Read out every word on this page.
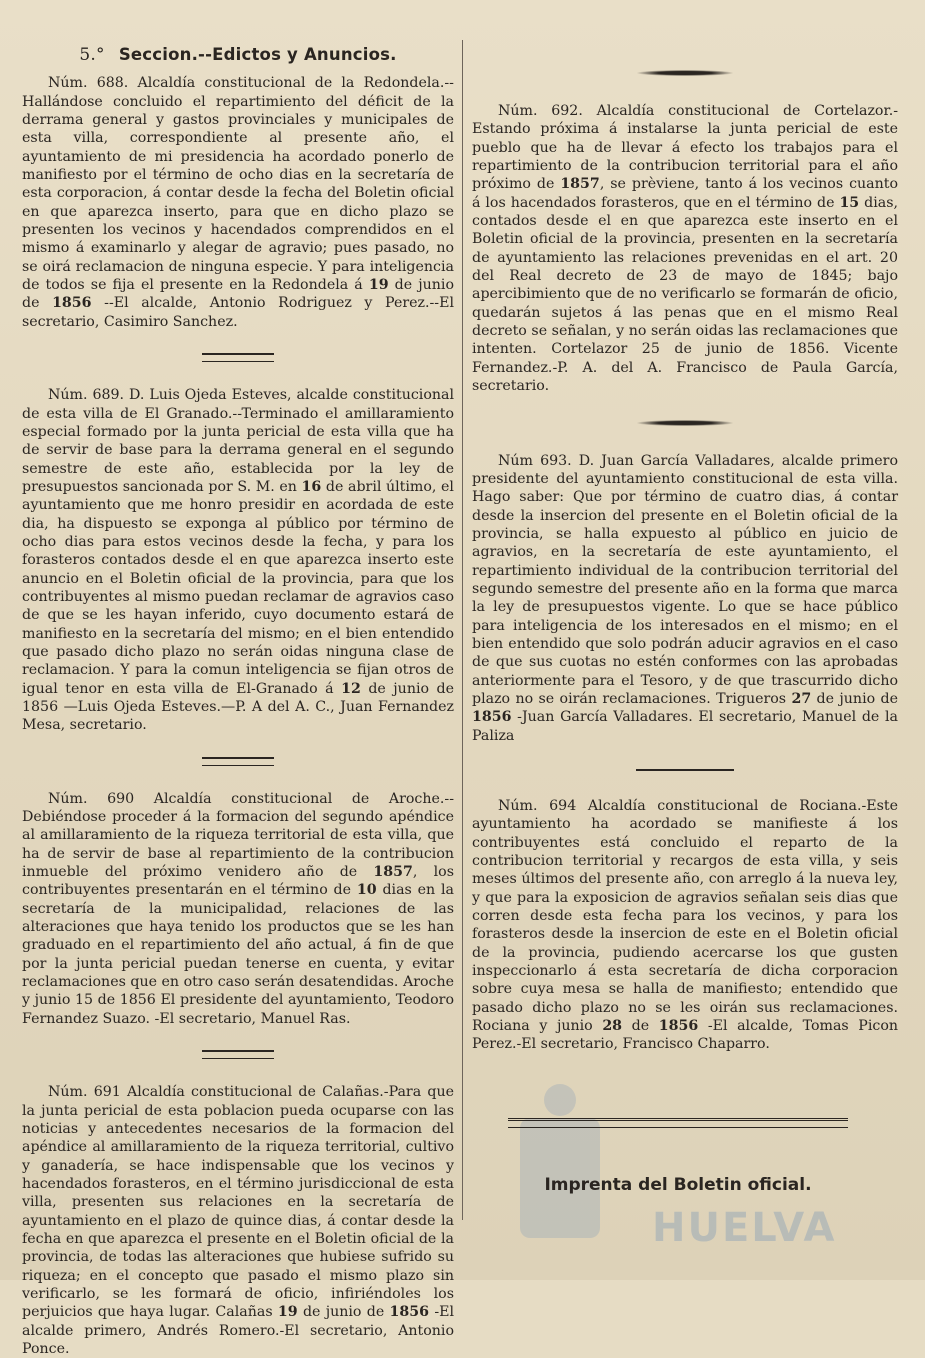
5.° Seccion.--Edictos y Anuncios.

Núm. 688. Alcaldía constitucional de la Redondela.--Hallándose concluido el repartimiento del déficit de la derrama general y gastos provinciales y municipales de esta villa, correspondiente al presente año, el ayuntamiento de mi presidencia ha acordado ponerlo de manifiesto por el término de ocho dias en la secretaría de esta corporacion, á contar desde la fecha del Boletin oficial en que aparezca inserto, para que en dicho plazo se presenten los vecinos y hacendados comprendidos en el mismo á examinarlo y alegar de agravio; pues pasado, no se oirá reclamacion de ninguna especie. Y para inteligencia de todos se fija el presente en la Redondela á 19 de junio de 1856 --El alcalde, Antonio Rodriguez y Perez.--El secretario, Casimiro Sanchez.

Núm. 689. D. Luis Ojeda Esteves, alcalde constitucional de esta villa de El Granado.--Terminado el amillaramiento especial formado por la junta pericial de esta villa que ha de servir de base para la derrama general en el segundo semestre de este año, establecida por la ley de presupuestos sancionada por S. M. en 16 de abril último, el ayuntamiento que me honro presidir en acordada de este dia, ha dispuesto se exponga al público por término de ocho dias para estos vecinos desde la fecha, y para los forasteros contados desde el en que aparezca inserto este anuncio en el Boletin oficial de la provincia, para que los contribuyentes al mismo puedan reclamar de agravios caso de que se les hayan inferido, cuyo documento estará de manifiesto en la secretaría del mismo; en el bien entendido que pasado dicho plazo no serán oidas ninguna clase de reclamacion. Y para la comun inteligencia se fijan otros de igual tenor en esta villa de El-Granado á 12 de junio de 1856 —Luis Ojeda Esteves.—P. A del A. C., Juan Fernandez Mesa, secretario.

Núm. 690 Alcaldía constitucional de Aroche.--Debiéndose proceder á la formacion del segundo apéndice al amillaramiento de la riqueza territorial de esta villa, que ha de servir de base al repartimiento de la contribucion inmueble del próximo venidero año de 1857, los contribuyentes presentarán en el término de 10 dias en la secretaría de la municipalidad, relaciones de las alteraciones que haya tenido los productos que se les han graduado en el repartimiento del año actual, á fin de que por la junta pericial puedan tenerse en cuenta, y evitar reclamaciones que en otro caso serán desatendidas. Aroche y junio 15 de 1856 El presidente del ayuntamiento, Teodoro Fernandez Suazo. -El secretario, Manuel Ras.

Núm. 691 Alcaldía constitucional de Calañas.-Para que la junta pericial de esta poblacion pueda ocuparse con las noticias y antecedentes necesarios de la formacion del apéndice al amillaramiento de la riqueza territorial, cultivo y ganadería, se hace indispensable que los vecinos y hacendados forasteros, en el término jurisdiccional de esta villa, presenten sus relaciones en la secretaría de ayuntamiento en el plazo de quince dias, á contar desde la fecha en que aparezca el presente en el Boletin oficial de la provincia, de todas las alteraciones que hubiese sufrido su riqueza; en el concepto que pasado el mismo plazo sin verificarlo, se les formará de oficio, infiriéndoles los perjuicios que haya lugar. Calañas 19 de junio de 1856 -El alcalde primero, Andrés Romero.-El secretario, Antonio Ponce.

Núm. 692. Alcaldía constitucional de Cortelazor.-Estando próxima á instalarse la junta pericial de este pueblo que ha de llevar á efecto los trabajos para el repartimiento de la contribucion territorial para el año próximo de 1857, se prèviene, tanto á los vecinos cuanto á los hacendados forasteros, que en el término de 15 dias, contados desde el en que aparezca este inserto en el Boletin oficial de la provincia, presenten en la secretaría de ayuntamiento las relaciones prevenidas en el art. 20 del Real decreto de 23 de mayo de 1845; bajo apercibimiento que de no verificarlo se formarán de oficio, quedarán sujetos á las penas que en el mismo Real decreto se señalan, y no serán oidas las reclamaciones que intenten. Cortelazor 25 de junio de 1856. Vicente Fernandez.-P. A. del A. Francisco de Paula García, secretario.

Núm 693. D. Juan García Valladares, alcalde primero presidente del ayuntamiento constitucional de esta villa. Hago saber: Que por término de cuatro dias, á contar desde la insercion del presente en el Boletin oficial de la provincia, se halla expuesto al público en juicio de agravios, en la secretaría de este ayuntamiento, el repartimiento individual de la contribucion territorial del segundo semestre del presente año en la forma que marca la ley de presupuestos vigente. Lo que se hace público para inteligencia de los interesados en el mismo; en el bien entendido que solo podrán aducir agravios en el caso de que sus cuotas no estén conformes con las aprobadas anteriormente para el Tesoro, y de que trascurrido dicho plazo no se oirán reclamaciones. Trigueros 27 de junio de 1856 -Juan García Valladares. El secretario, Manuel de la Paliza

Núm. 694 Alcaldía constitucional de Rociana.-Este ayuntamiento ha acordado se manifieste á los contribuyentes está concluido el reparto de la contribucion territorial y recargos de esta villa, y seis meses últimos del presente año, con arreglo á la nueva ley, y que para la exposicion de agravios señalan seis dias que corren desde esta fecha para los vecinos, y para los forasteros desde la insercion de este en el Boletin oficial de la provincia, pudiendo acercarse los que gusten inspeccionarlo á esta secretaría de dicha corporacion sobre cuya mesa se halla de manifiesto; entendido que pasado dicho plazo no se les oirán sus reclamaciones. Rociana y junio 28 de 1856 -El alcalde, Tomas Picon Perez.-El secretario, Francisco Chaparro.

HUELVA
Imprenta del Boletin oficial.
